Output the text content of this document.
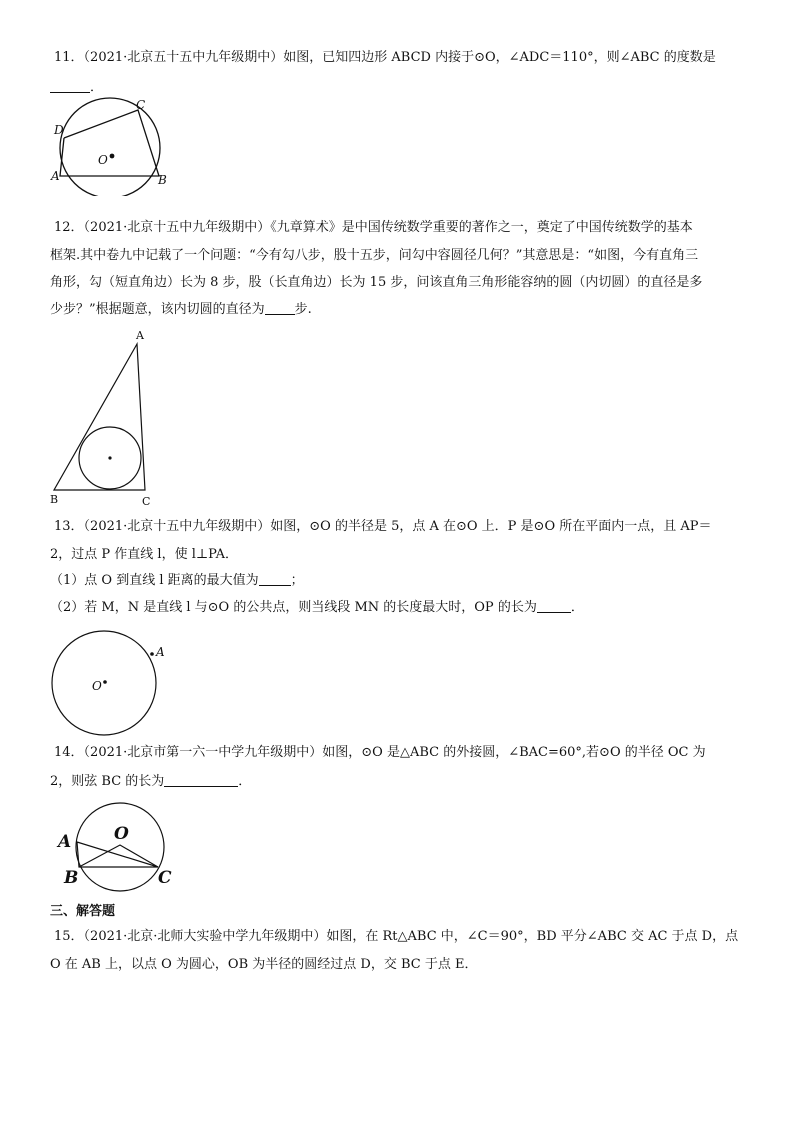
11．（2021·北京五十五中九年级期中）如图，已知四边形 ABCD 内接于⊙O，∠ADC＝110°，则∠ABC 的度数是
．
O
A	B
C
D
12．（2021·北京十五中九年级期中）《九章算术》是中国传统数学重要的著作之一，奠定了中国传统数学的基本
框架.其中卷九中记载了一个问题：“今有勾八步，股十五步，问勾中容圆径几何？”其意思是：“如图，今有直角三
角形，勾（短直角边）长为 8 步，股（长直角边）长为 15 步，问该直角三角形能容纳的圆（内切圆）的直径是多
少步？”根据题意，该内切圆的直径为 步.
A
B	C
13．（2021·北京十五中九年级期中）如图，⊙O 的半径是 5，点 A 在⊙O 上．P 是⊙O 所在平面内一点，且 AP＝
2，过点 P 作直线 l，使 l⊥PA．
（1）点 O 到直线 l 距离的最大值为 ；
（2）若 M，N 是直线 l 与⊙O 的公共点，则当线段 MN 的长度最大时，OP 的长为	．
O
A
14．（2021·北京市第一六一中学九年级期中）如图，⊙O 是△ABC 的外接圆，∠BAC=60°,若⊙O 的半径 OC 为
2，则弦 BC 的长为	．
A
B	C
O
三、解答题
15．（2021·北京·北师大实验中学九年级期中）如图，在 Rt△ABC 中，∠C＝90°，BD 平分∠ABC 交 AC 于点 D，点
O 在 AB 上，以点 O 为圆心，OB 为半径的圆经过点 D，交 BC 于点 E．
